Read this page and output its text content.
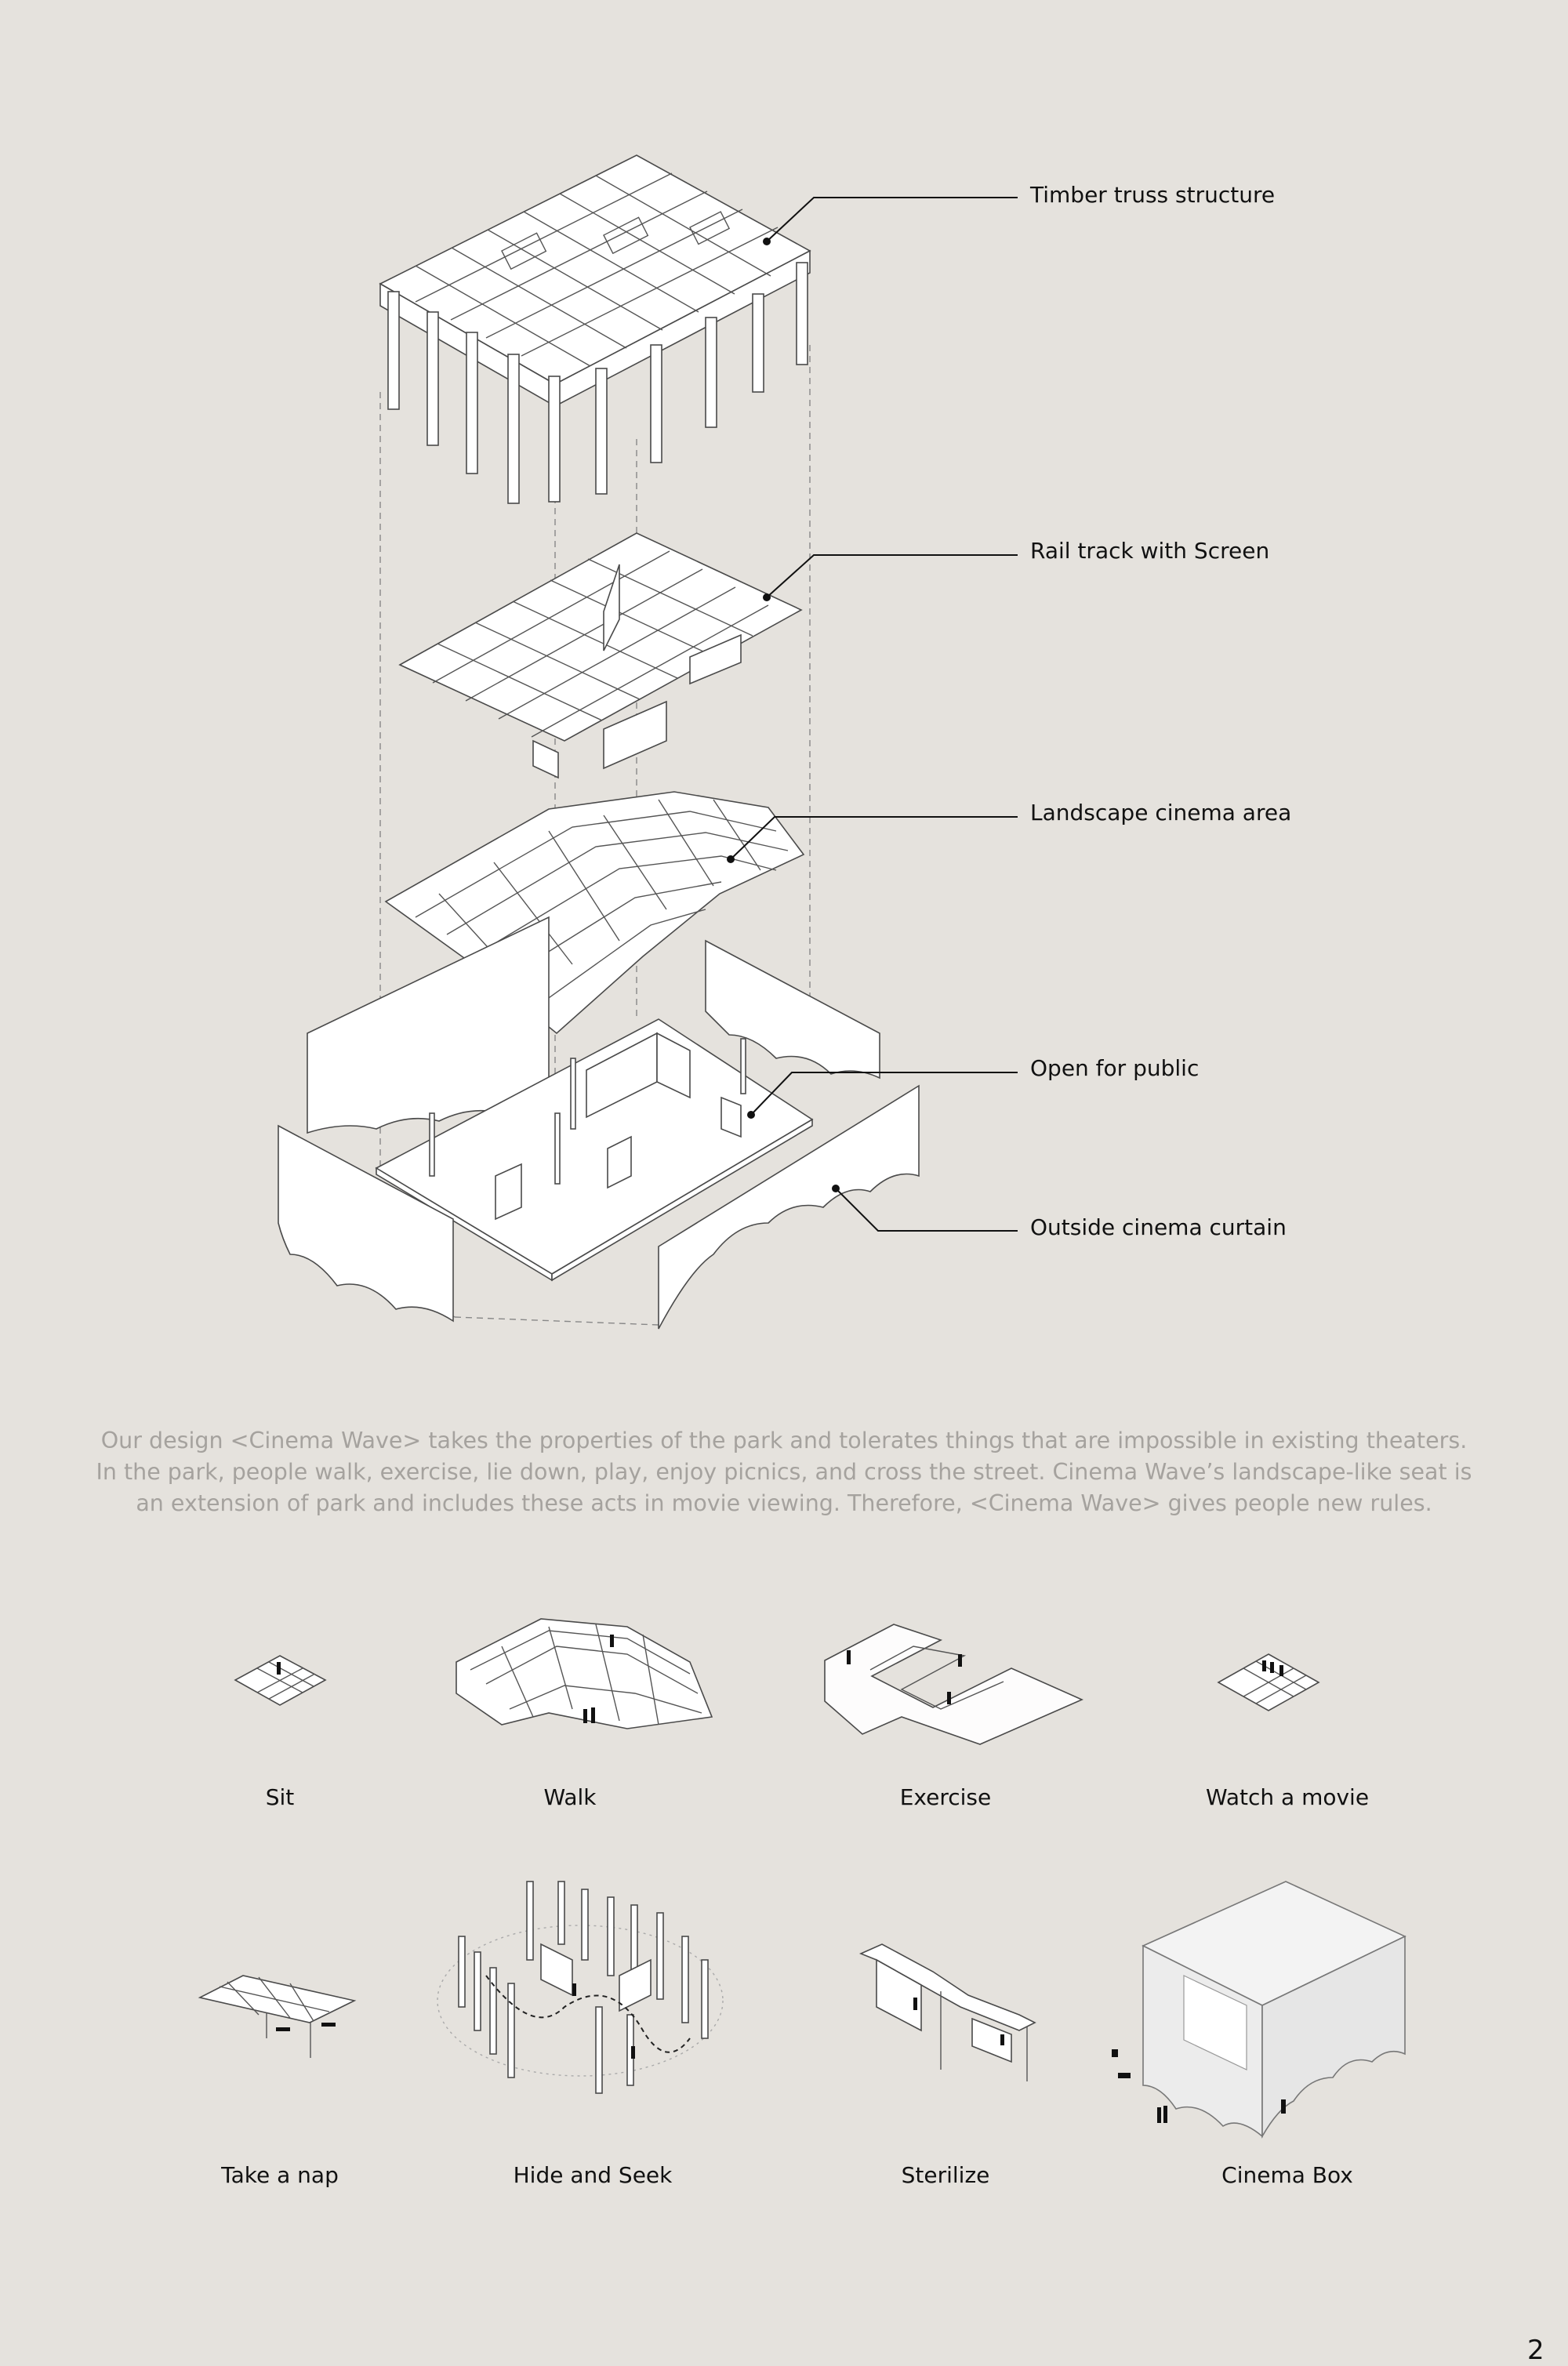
Timber truss structure
Rail track with Screen
Landscape cinema area
Open for public
Outside cinema curtain
Our design <Cinema Wave> takes the properties of the park and tolerates things that are impossible in existing theaters.
In the park, people walk, exercise, lie down, play, enjoy picnics, and cross the street. Cinema Wave’s landscape-like seat is
an extension of park and includes these acts in movie viewing. Therefore, <Cinema Wave> gives people new rules.
Sit	Walk	Exercise	Watch a movie
Take a nap	Hide and Seek	Sterilize	Cinema Box
2
